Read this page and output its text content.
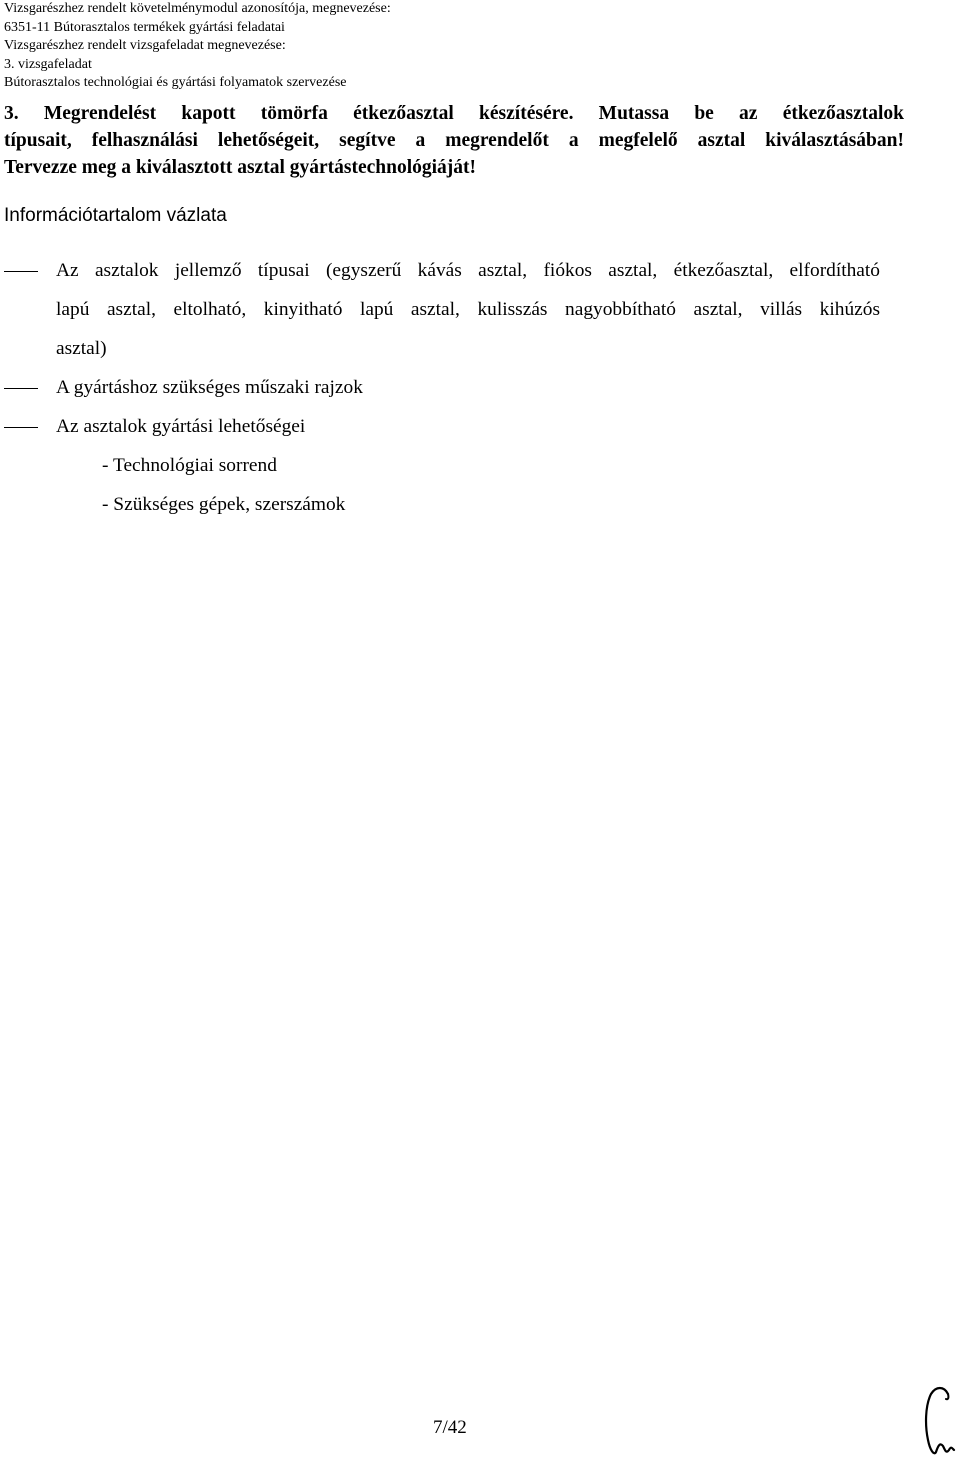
Vizsgarészhez rendelt követelménymodul azonosítója, megnevezése:
6351-11 Bútorasztalos termékek gyártási feladatai
Vizsgarészhez rendelt vizsgafeladat megnevezése:
3. vizsgafeladat
Bútorasztalos technológiai és gyártási folyamatok szervezése
3. Megrendelést kapott tömörfa étkezőasztal készítésére. Mutassa be az étkezőasztalok
típusait, felhasználási lehetőségeit, segítve a megrendelőt a megfelelő asztal kiválasztásában!
Tervezze meg a kiválasztott asztal gyártástechnológiáját!
Információtartalom vázlata
Az asztalok jellemző típusai (egyszerű kávás asztal, fiókos asztal, étkezőasztal, elfordítható
lapú asztal, eltolható, kinyitható lapú asztal, kulisszás nagyobbítható asztal, villás kihúzós
asztal)
A gyártáshoz szükséges műszaki rajzok
Az asztalok gyártási lehetőségei
- Technológiai sorrend
- Szükséges gépek, szerszámok
7/42
